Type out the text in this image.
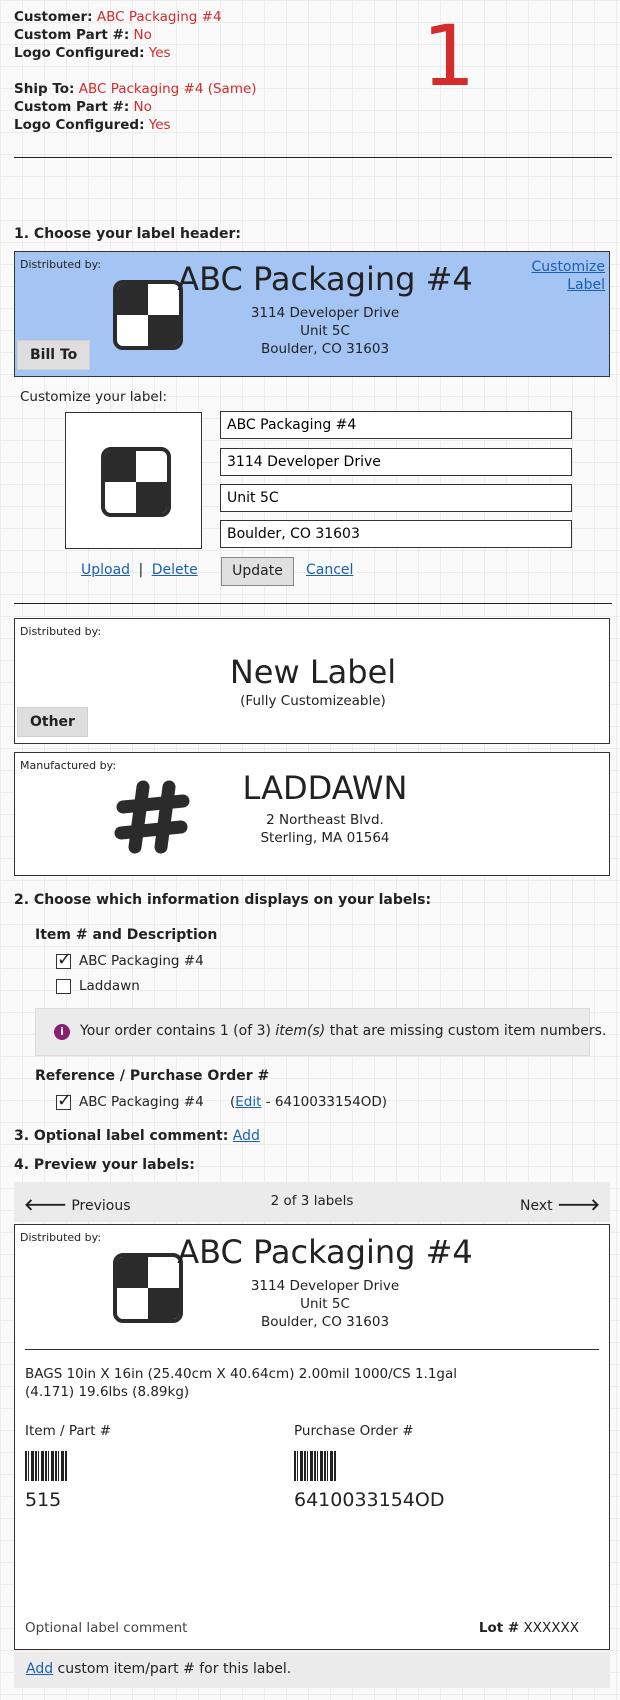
Customer: ABC Packaging #4
Custom Part #: No
Logo Configured: Yes
Ship To: ABC Packaging #4 (Same)
Custom Part #: No
Logo Configured: Yes
1
1. Choose your label header:
Distributed by:	ABC Packaging #4
3114 Developer Drive
Unit 5C
Boulder, CO 31603
Customize
Label
Bill To
Customize your label:
ABC Packaging #4
3114 Developer Drive
Unit 5C
Boulder, CO 31603
Upload | Delete	Update	Cancel
Distributed by:
New Label
(Fully Customizeable)
Other
Manufactured by:
LADDAWN
2 Northeast Blvd.
Sterling, MA 01564
2. Choose which information displays on your labels:
Item # and Description
✓ABC Packaging #4
Laddawn
i	Your order contains 1 (of 3) item(s) that are missing custom item numbers.
Reference / Purchase Order #
✓ABC Packaging #4 (Edit - 6410033154OD)
3. Optional label comment: Add
4. Preview your labels:
🡐 Previous	2 of 3 labels	Next 🡒
Distributed by:	ABC Packaging #4
3114 Developer Drive
Unit 5C
Boulder, CO 31603
BAGS 10in X 16in (25.40cm X 40.64cm) 2.00mil 1000/CS 1.1gal
(4.171) 19.6lbs (8.89kg)
Item / Part #
515
Purchase Order #
6410033154OD
Optional label comment	Lot # XXXXXX
Add custom item/part # for this label.
